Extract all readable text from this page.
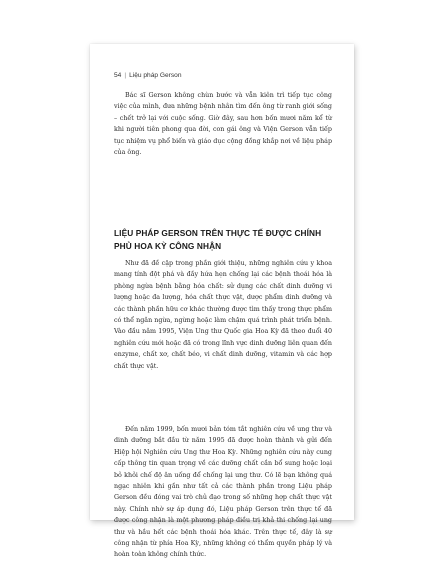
54 | Liệu pháp Gerson

Bác sĩ Gerson không chùn bước và vẫn kiên trì tiếp tục công việc của mình, đưa những bệnh nhân tìm đến ông từ ranh giới sống – chết trở lại với cuộc sống. Giờ đây, sau hơn bốn mươi năm kể từ khi người tiên phong qua đời, con gái ông và Viện Gerson vẫn tiếp tục nhiệm vụ phổ biến và giáo dục cộng đồng khắp nơi về liệu pháp của ông.

LIỆU PHÁP GERSON TRÊN THỰC TẾ ĐƯỢC CHÍNH PHỦ HOA KỲ CÔNG NHẬN

Như đã đề cập trong phần giới thiệu, những nghiên cứu y khoa mang tính đột phá và đầy hứa hẹn chống lại các bệnh thoái hóa là phòng ngừa bệnh bằng hóa chất: sử dụng các chất dinh dưỡng vi lượng hoặc đa lượng, hóa chất thực vật, dược phẩm dinh dưỡng và các thành phần hữu cơ khác thường được tìm thấy trong thực phẩm có thể ngăn ngừa, ngừng hoặc làm chậm quá trình phát triển bệnh. Vào đầu năm 1995, Viện Ung thư Quốc gia Hoa Kỳ đã theo đuổi 40 nghiên cứu mới hoặc đã có trong lĩnh vực dinh dưỡng liên quan đến enzyme, chất xơ, chất béo, vi chất dinh dưỡng, vitamin và các hợp chất thực vật.

Đến năm 1999, bốn mươi bản tóm tắt nghiên cứu về ung thư và dinh dưỡng bắt đầu từ năm 1995 đã được hoàn thành và gửi đến Hiệp hội Nghiên cứu Ung thư Hoa Kỳ. Những nghiên cứu này cung cấp thông tin quan trọng về các dưỡng chất cần bổ sung hoặc loại bỏ khỏi chế độ ăn uống để chống lại ung thư. Có lẽ bạn không quá ngạc nhiên khi gần như tất cả các thành phần trong Liệu pháp Gerson đều đóng vai trò chủ đạo trong số những hợp chất thực vật này. Chính nhờ sự áp dụng đó, Liệu pháp Gerson trên thực tế đã được công nhận là một phương pháp điều trị khả thi chống lại ung thư và hầu hết các bệnh thoái hóa khác. Trên thực tế, đây là sự công nhận từ phía Hoa Kỳ, những không có thẩm quyền pháp lý và hoàn toàn không chính thức.
